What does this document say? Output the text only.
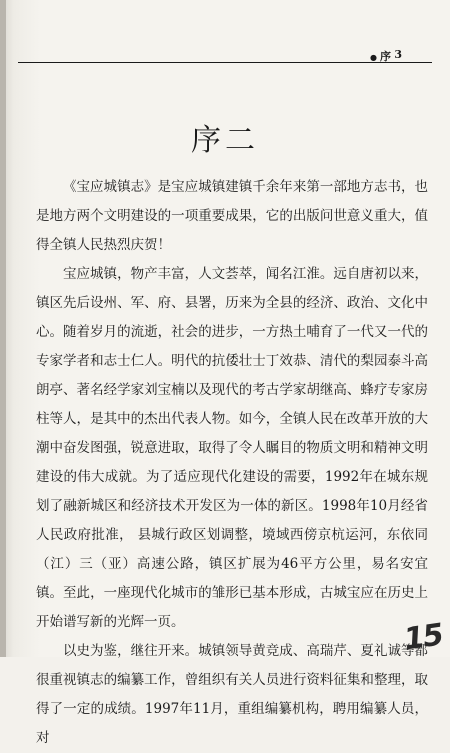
● 序 3
序二

《宝应城镇志》是宝应城镇建镇千余年来第一部地方志书，也是地方两个文明建设的一项重要成果，它的出版问世意义重大，值得全镇人民热烈庆贺！

宝应城镇，物产丰富，人文荟萃，闻名江淮。远自唐初以来，镇区先后设州、军、府、县署，历来为全县的经济、政治、文化中心。随着岁月的流逝，社会的进步，一方热土哺育了一代又一代的专家学者和志士仁人。明代的抗倭壮士丁效恭、清代的梨园泰斗高朗亭、著名经学家刘宝楠以及现代的考古学家胡继高、蜂疗专家房柱等人，是其中的杰出代表人物。如今，全镇人民在改革开放的大潮中奋发图强，锐意进取，取得了令人瞩目的物质文明和精神文明建设的伟大成就。为了适应现代化建设的需要，1992年在城东规划了融新城区和经济技术开发区为一体的新区。1998年10月经省人民政府批准， 县城行政区划调整，境域西傍京杭运河，东依同（江）三（亚）高速公路，镇区扩展为46平方公里，易名安宜镇。至此，一座现代化城市的雏形已基本形成，古城宝应在历史上开始谱写新的光辉一页。

以史为鉴，继往开来。城镇领导黄竞成、高瑞芹、夏礼诚等都很重视镇志的编纂工作，曾组织有关人员进行资料征集和整理，取得了一定的成绩。1997年11月，重组编纂机构，聘用编纂人员，对

15
